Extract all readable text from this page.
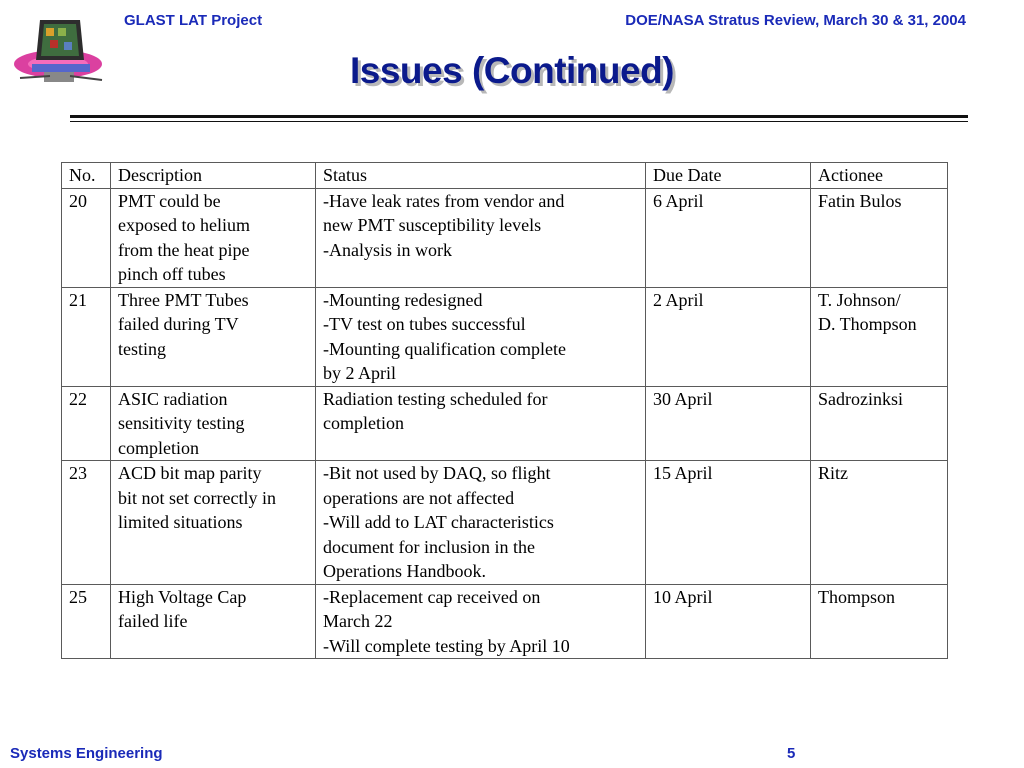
GLAST LAT Project	DOE/NASA Stratus Review, March 30 & 31, 2004
Issues (Continued)
No.	Description	Status	Due Date	Actionee
20	PMT could be
exposed to helium
from the heat pipe
pinch off tubes	-Have leak rates from vendor and
new PMT susceptibility levels
-Analysis in work	6 April	Fatin Bulos

21	Three PMT Tubes
failed during TV
testing	-Mounting redesigned
-TV test on tubes successful
-Mounting qualification complete
by 2 April	2 April	T. Johnson/
D. Thompson

22	ASIC radiation
sensitivity testing
completion	Radiation testing scheduled for
completion	30 April	Sadrozinksi

23	ACD bit map parity
bit not set correctly in
limited situations	-Bit not used by DAQ, so flight
operations are not affected
-Will add to LAT characteristics
document for inclusion in the
Operations Handbook.	15 April	Ritz

25	High Voltage Cap
failed life	-Replacement cap received on
March 22
-Will complete testing by April 10	10 April	Thompson
Systems Engineering	5
